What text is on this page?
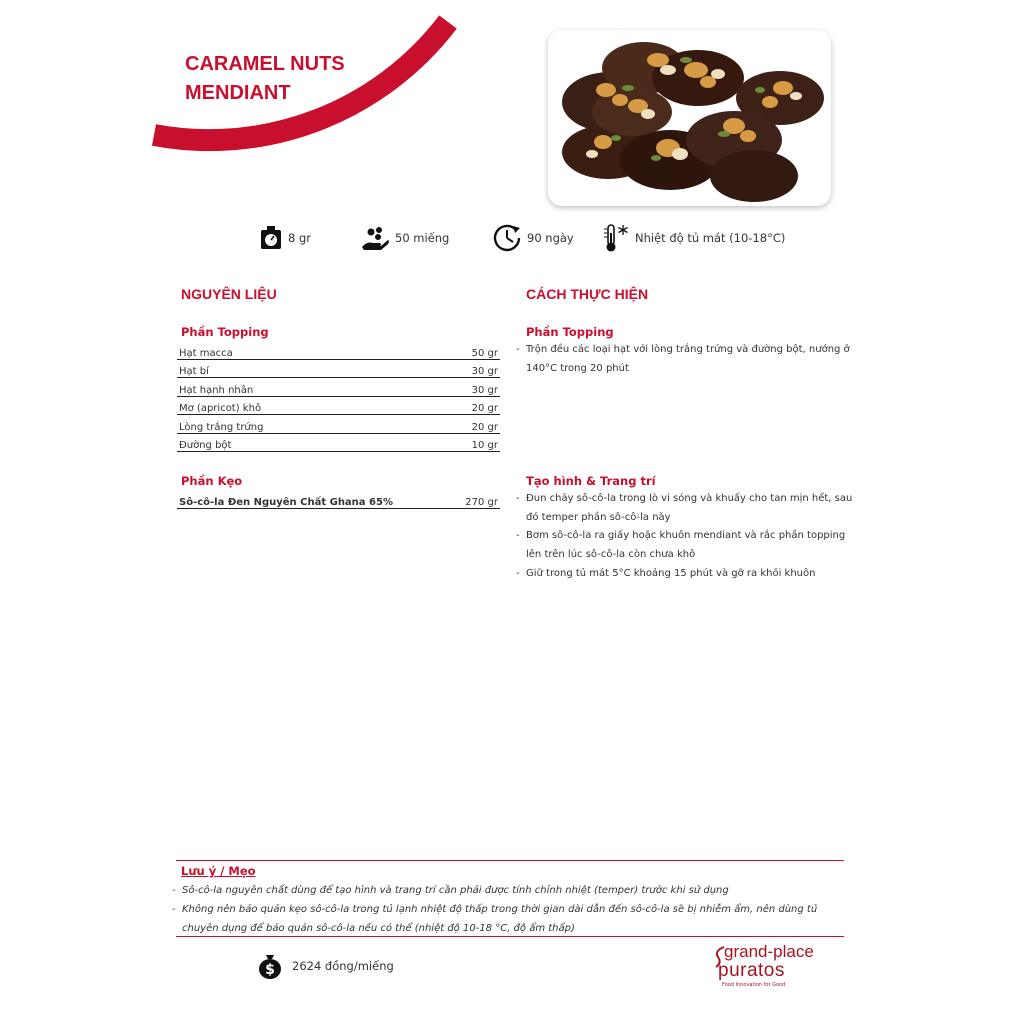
CARAMEL NUTS
MENDIANT
8 gr	50 miếng	90 ngày	Nhiệt độ tủ mát (10-18°C)
NGUYÊN LIỆU
Phần Topping
Hạt macca	50 gr
Hạt bí	30 gr
Hạt hạnh nhân	30 gr
Mơ (apricot) khô	20 gr
Lòng trắng trứng	20 gr
Đường bột	10 gr
Phần Kẹo
Sô-cô-la Đen Nguyên Chất Ghana 65%	270 gr
CÁCH THỰC HIỆN
Phần Topping
- Trộn đều các loại hạt với lòng trắng trứng và đường bột, nướng ở 140°C trong 20 phút
Tạo hình & Trang trí
- Đun chảy sô-cô-la trong lò vi sóng và khuấy cho tan mịn hết, sau đó temper phần sô-cô-la này
- Bơm sô-cô-la ra giấy hoặc khuôn mendiant và rắc phần topping lên trên lúc sô-cô-la còn chưa khô
- Giữ trong tủ mát 5°C khoảng 15 phút và gỡ ra khỏi khuôn
Lưu ý / Mẹo
- Sô-cô-la nguyên chất dùng để tạo hình và trang trí cần phải được tính chỉnh nhiệt (temper) trước khi sử dụng
- Không nên bảo quản kẹo sô-cô-la trong tủ lạnh nhiệt độ thấp trong thời gian dài dẫn đến sô-cô-la sẽ bị nhiễm ẩm, nên dùng tủ chuyên dụng để bảo quản sô-cô-la nếu có thể (nhiệt độ 10-18 °C, độ ẩm thấp)
$ 2624 đồng/miếng
grand-place
puratos
Food Innovation for Good
